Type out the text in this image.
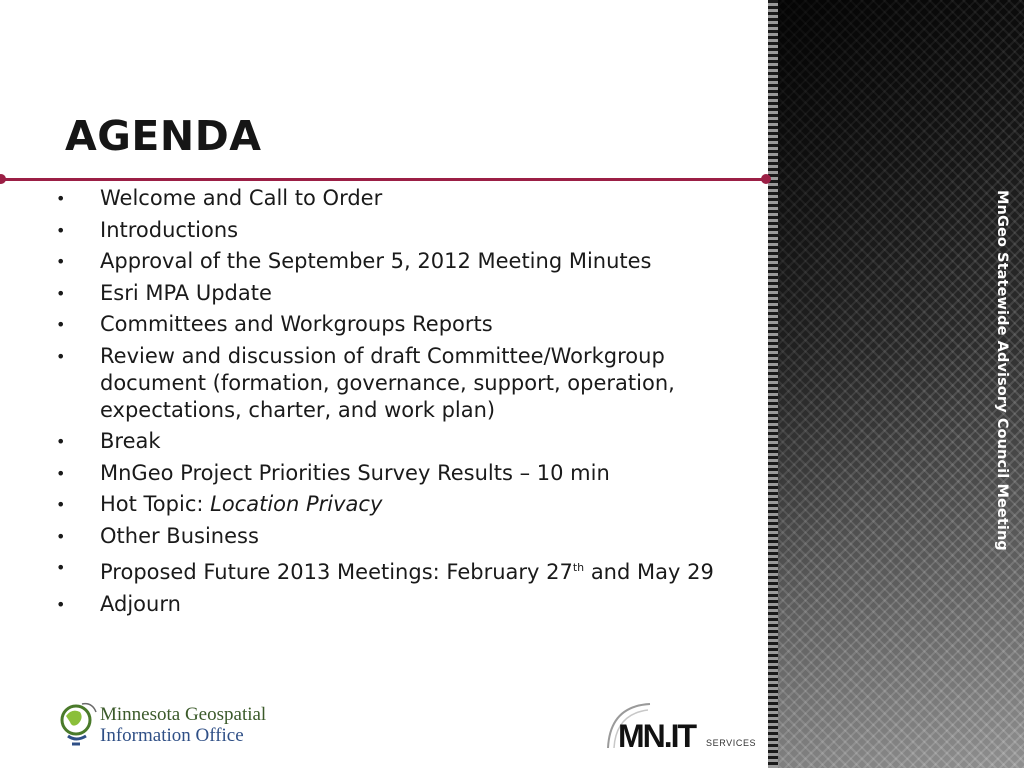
MnGeo Statewide Advisory Council Meeting
AGENDA
• Welcome and Call to Order
• Introductions
• Approval of the September 5, 2012 Meeting Minutes
• Esri MPA Update
• Committees and Workgroups Reports
• Review and discussion of draft Committee/Workgroup document (formation, governance, support, operation, expectations, charter, and work plan)
• Break
• MnGeo Project Priorities Survey Results – 10 min
• Hot Topic: Location Privacy
• Other Business
• Proposed Future 2013 Meetings: February 27th and May 29
• Adjourn
Minnesota Geospatial
Information Office	MN.IT SERVICES
